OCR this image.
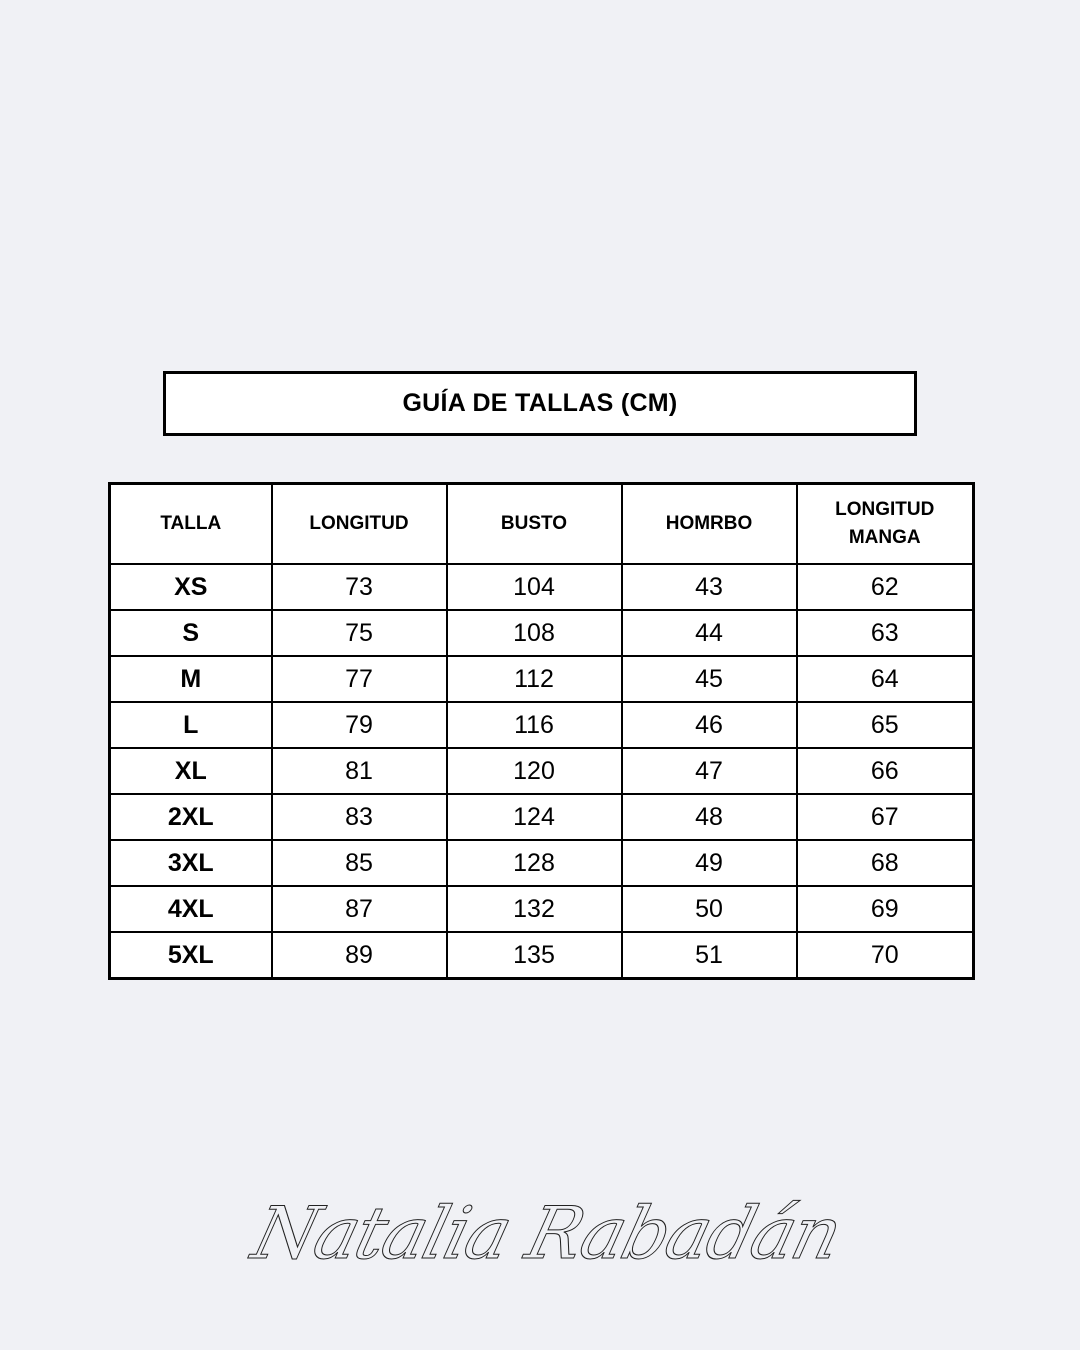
GUÍA DE TALLAS (CM)
TALLA	LONGITUD	BUSTO	HOMRBO	LONGITUD
MANGA

XS	73	104	43	62
S	75	108	44	63
M	77	112	45	64
L	79	116	46	65
XL	81	120	47	66
2XL	83	124	48	67
3XL	85	128	49	68
4XL	87	132	50	69
5XL	89	135	51	70
Natalia Rabadán
